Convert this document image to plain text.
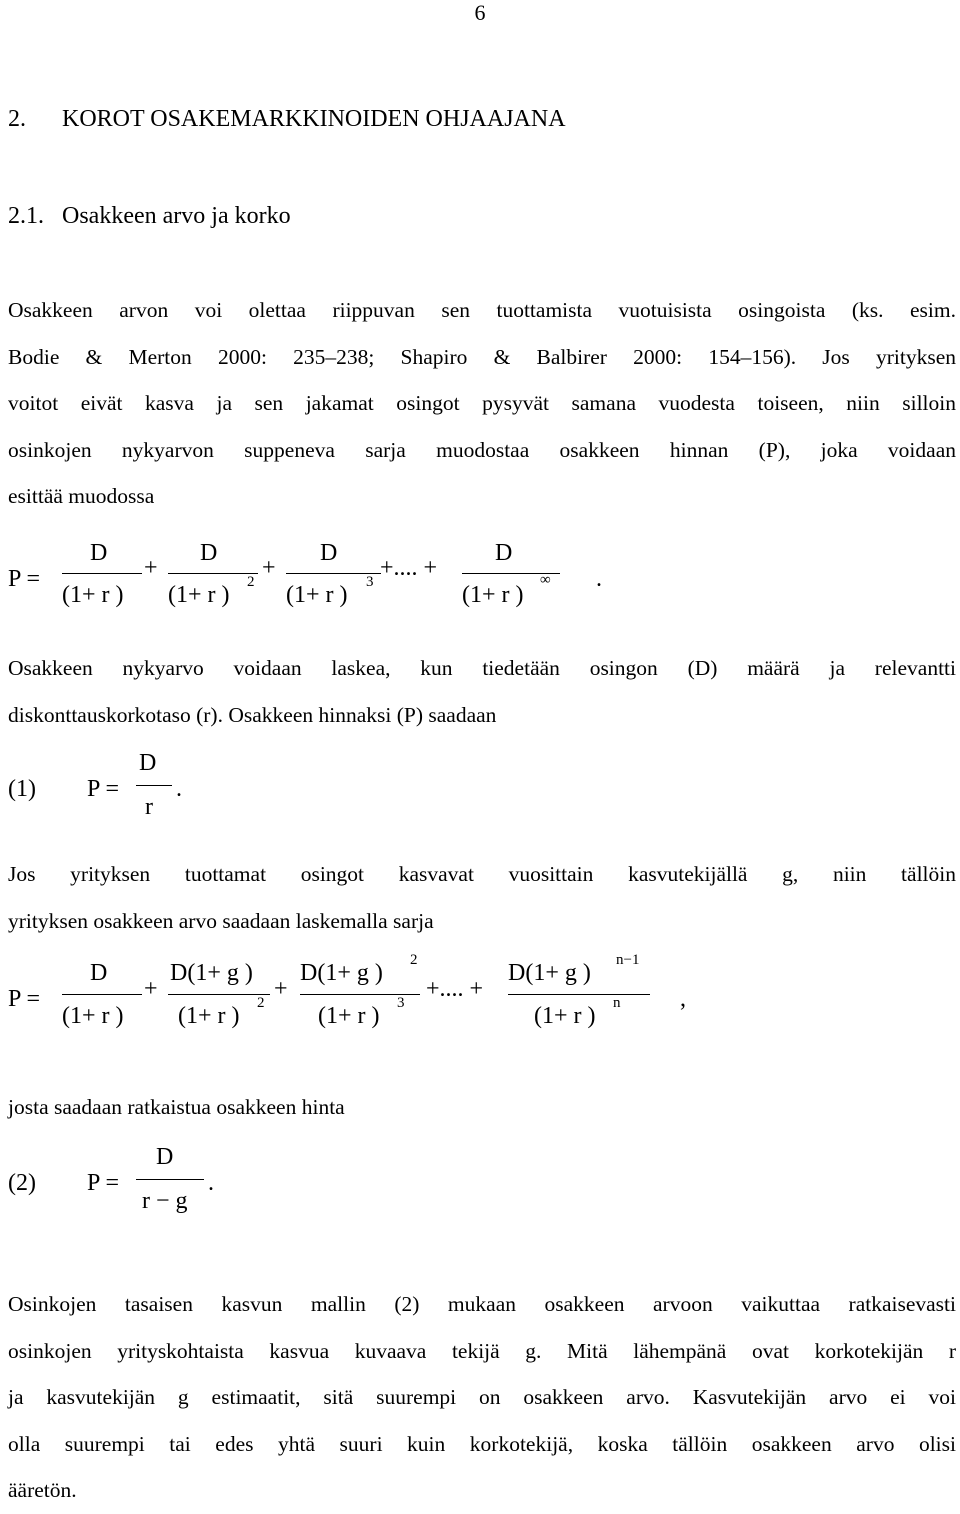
6
2. KOROT OSAKEMARKKINOIDEN OHJAAJANA
2.1. Osakkeen arvo ja korko

Osakkeen arvon voi olettaa riippuvan sen tuottamista vuotuisista osingoista (ks. esim.
Bodie & Merton 2000: 235–238; Shapiro & Balbirer 2000: 154–156). Jos yrityksen
voitot eivät kasva ja sen jakamat osingot pysyvät samana vuodesta toiseen, niin silloin
osinkojen nykyarvon suppeneva sarja muodostaa osakkeen hinnan (P), joka voidaan
esittää muodossa

P =
D
(1+ r )
+
D
(1+ r ) 2
+
D
(1+ r ) 3
+.... +
D
(1+ r )
∞ .

Osakkeen nykyarvo voidaan laskea, kun tiedetään osingon (D) määrä ja relevantti
diskonttauskorkotaso (r). Osakkeen hinnaksi (P) saadaan

(1) P =
D
r
.

Jos yrityksen tuottamat osingot kasvavat vuosittain kasvutekijällä g, niin tällöin
yrityksen osakkeen arvo saadaan laskemalla sarja

P =
D
(1+ r )
+
D(1+ g )
(1+ r ) 2
+
D(1+ g ) 2
(1+ r ) 3
+.... +
D(1+ g ) n−1
(1+ r ) n ,

josta saadaan ratkaistua osakkeen hinta

(2) P =
D
r − g
.

Osinkojen tasaisen kasvun mallin (2) mukaan osakkeen arvoon vaikuttaa ratkaisevasti
osinkojen yrityskohtaista kasvua kuvaava tekijä g. Mitä lähempänä ovat korkotekijän r
ja kasvutekijän g estimaatit, sitä suurempi on osakkeen arvo. Kasvutekijän arvo ei voi
olla suurempi tai edes yhtä suuri kuin korkotekijä, koska tällöin osakkeen arvo olisi
ääretön.
